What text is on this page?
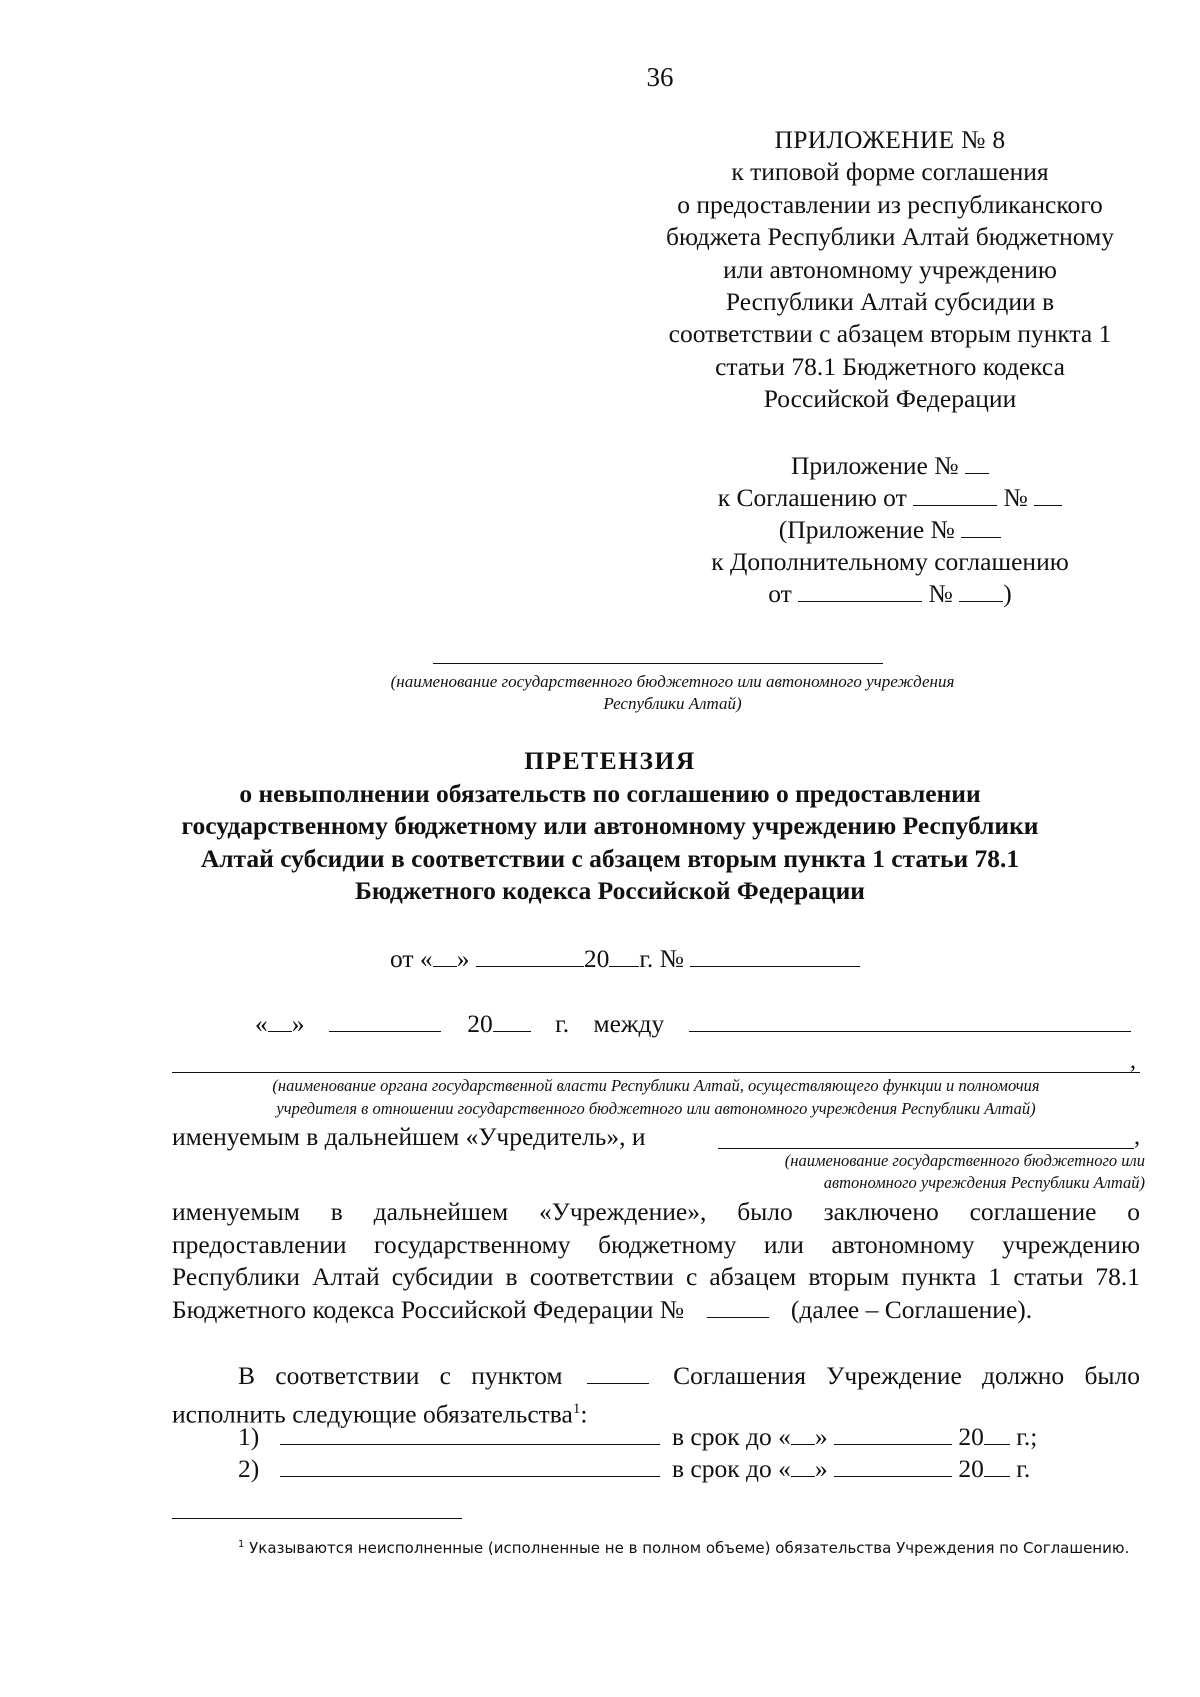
36
ПРИЛОЖЕНИЕ № 8
к типовой форме соглашения
о предоставлении из республиканского
бюджета Республики Алтай бюджетному
или автономному учреждению
Республики Алтай субсидии в
соответствии с абзацем вторым пункта 1
статьи 78.1 Бюджетного кодекса
Российской Федерации
Приложение №
к Соглашению от	№
(Приложение №
к Дополнительному соглашению
от	№ )
(наименование государственного бюджетного или автономного учреждения
Республики Алтай)
ПРЕТЕНЗИЯ
о невыполнении обязательств по соглашению о предоставлении
государственному бюджетному или автономному учреждению Республики
Алтай субсидии в соответствии с абзацем вторым пункта 1 статьи 78.1
Бюджетного кодекса Российской Федерации
от « »	20 г. №
« »	20 г. между
,
(наименование органа государственной власти Республики Алтай, осуществляющего функции и полномочия
учредителя в отношении государственного бюджетного или автономного учреждения Республики Алтай)
именуемым в дальнейшем «Учредитель», и	,
(наименование государственного бюджетного или
автономного учреждения Республики Алтай)
именуемым в дальнейшем «Учреждение», было заключено соглашение о предоставлении государственному бюджетному или автономному учреждению Республики Алтай субсидии в соответствии с абзацем вторым пункта 1 статьи 78.1 Бюджетного кодекса Российской Федерации №	(далее – Соглашение).
В соответствии с пунктом	Соглашения Учреждение должно было исполнить следующие обязательства$^1$:
1)	в срок до « »	20 г.;
2)	в срок до « »	20 г.
$^1$ Указываются неисполненные (исполненные не в полном объеме) обязательства Учреждения по Соглашению.
